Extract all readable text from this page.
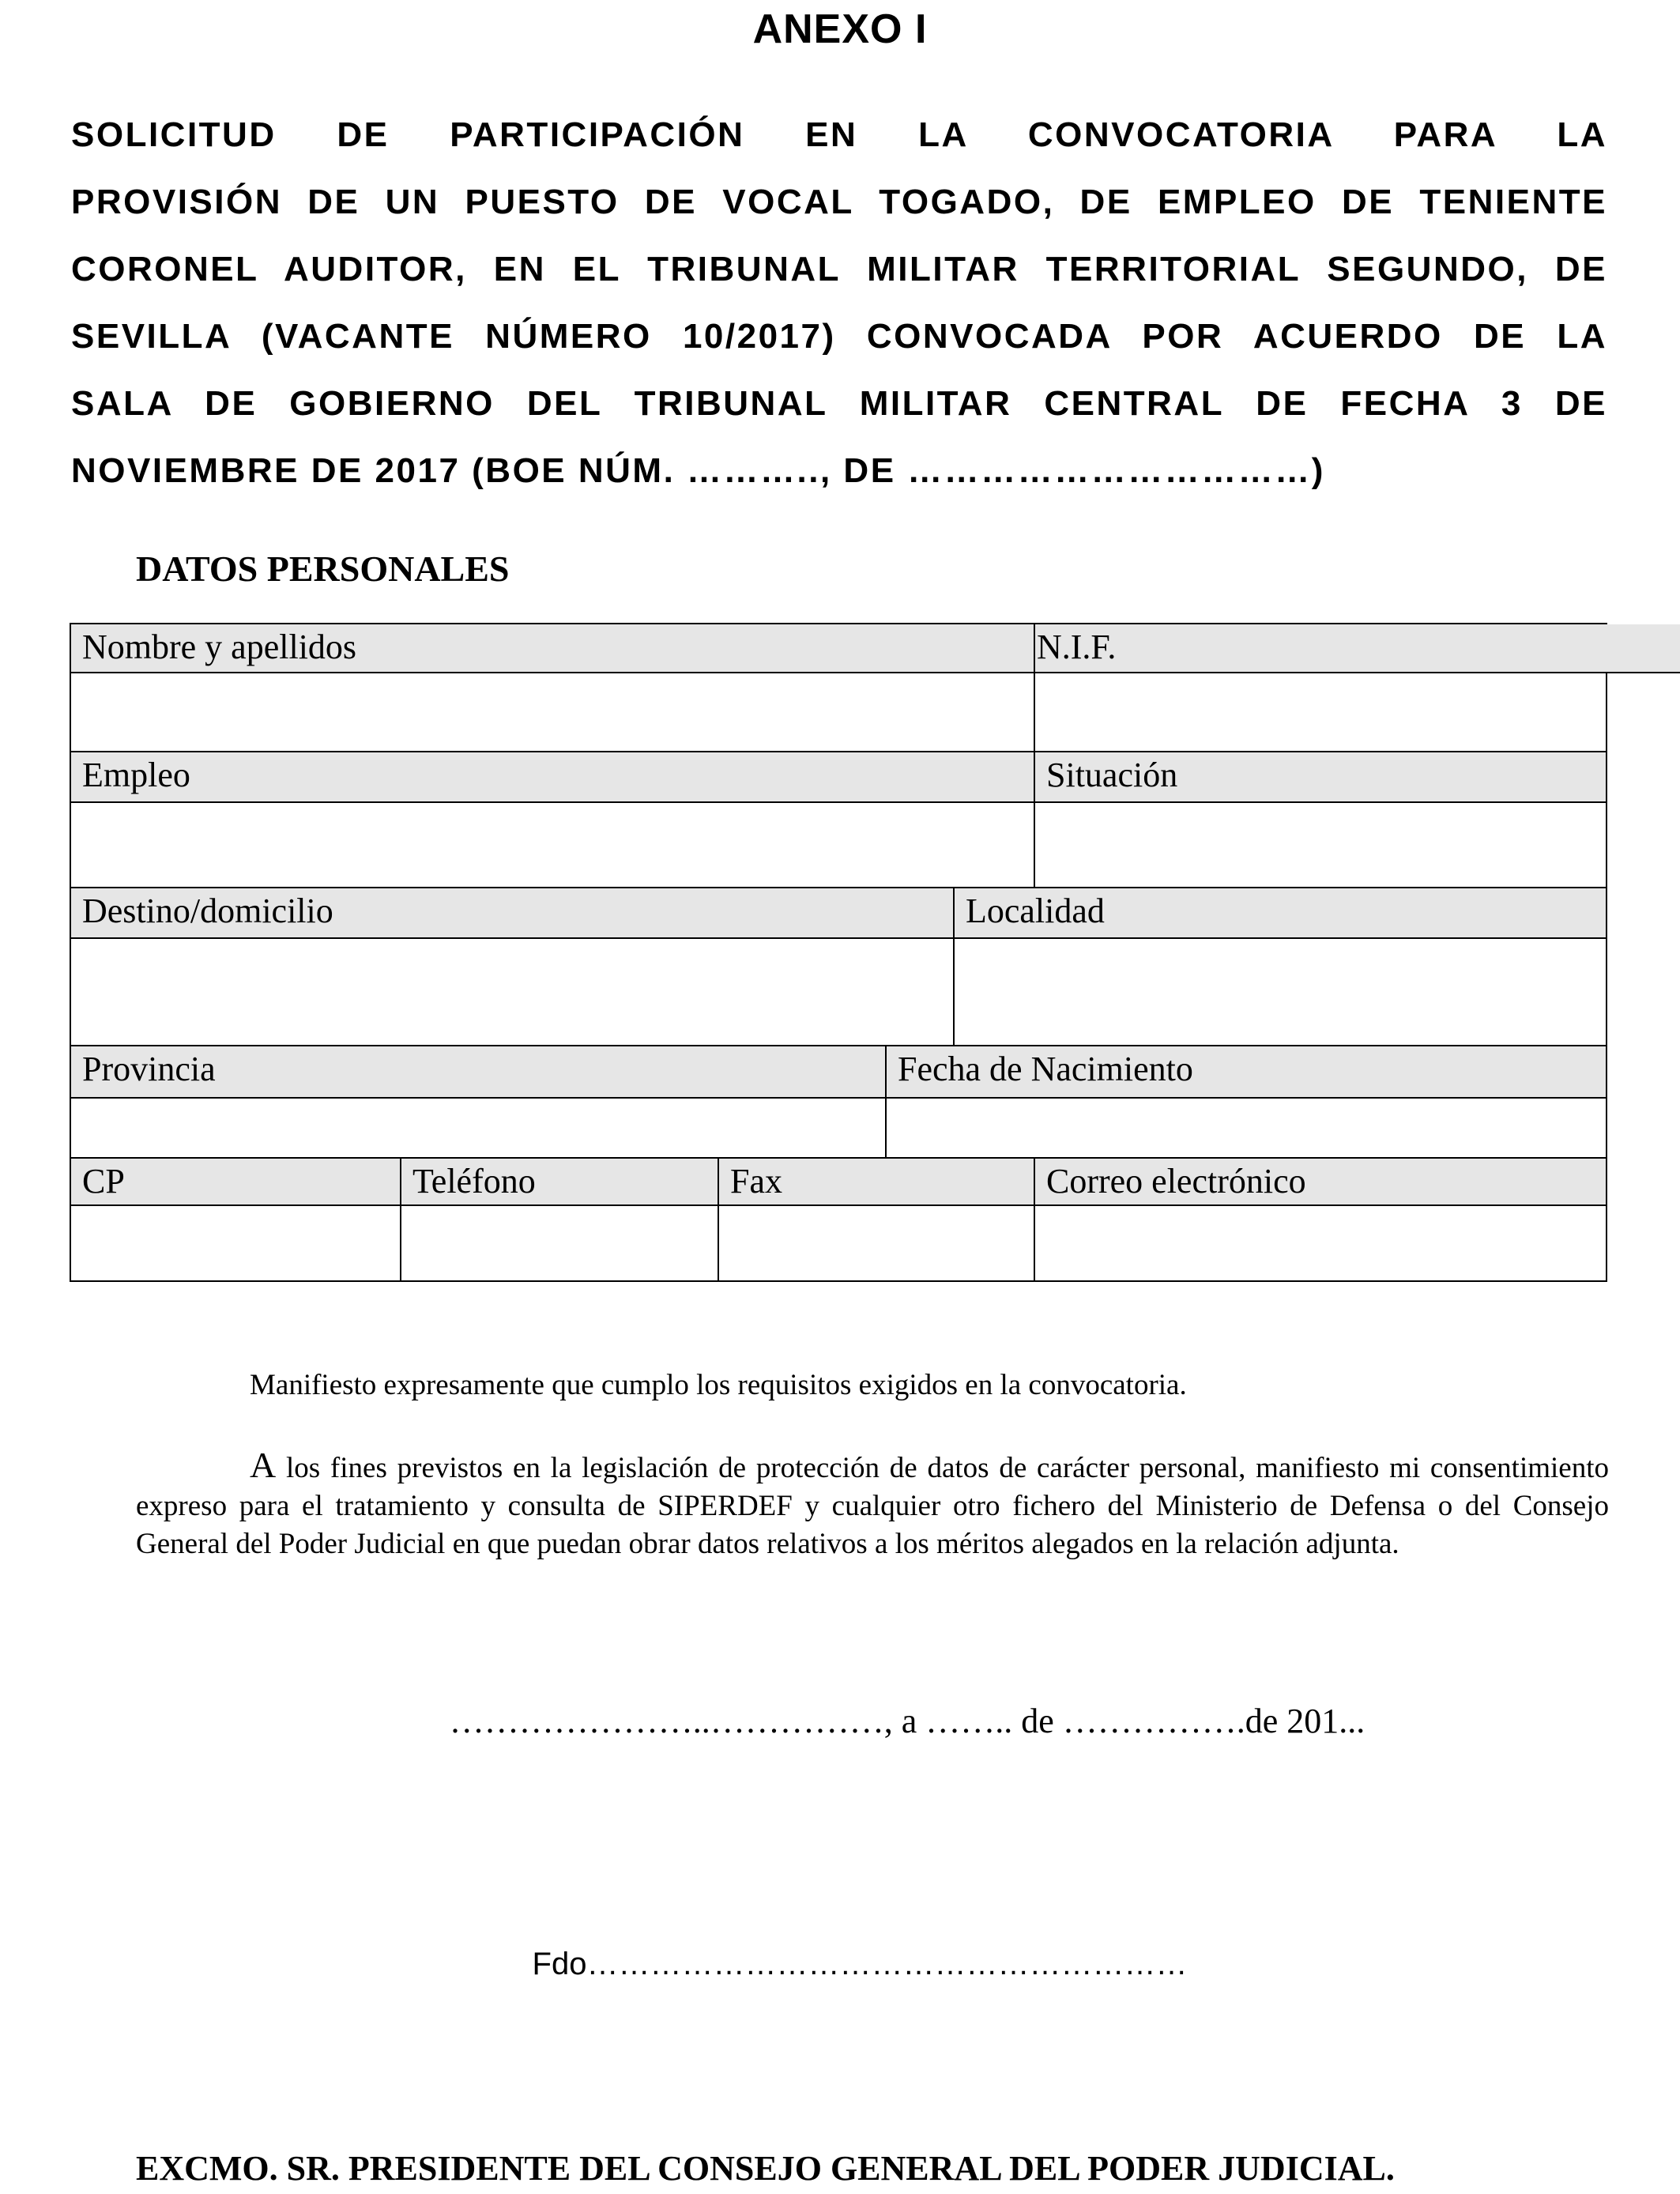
ANEXO I
SOLICITUD DE PARTICIPACIÓN EN LA CONVOCATORIA PARA LA
PROVISIÓN DE UN PUESTO DE VOCAL TOGADO, DE EMPLEO DE TENIENTE
CORONEL AUDITOR, EN EL TRIBUNAL MILITAR TERRITORIAL SEGUNDO, DE
SEVILLA (VACANTE NÚMERO 10/2017) CONVOCADA POR ACUERDO DE LA
SALA DE GOBIERNO DEL TRIBUNAL MILITAR CENTRAL DE FECHA 3 DE
NOVIEMBRE DE 2017 (BOE NÚM. ……….., DE ……………………………)
DATOS PERSONALES
Nombre y apellidos	N.I.F.
Empleo	Situación
Destino/domicilio	Localidad
Provincia	Fecha de Nacimiento
CP	Teléfono	Fax	Correo electrónico
Manifiesto expresamente que cumplo los requisitos exigidos en la convocatoria.
A los fines previstos en la legislación de protección de datos de carácter personal, manifiesto mi consentimiento expreso para el tratamiento y consulta de SIPERDEF y cualquier otro fichero del Ministerio de Defensa o del Consejo General del Poder Judicial en que puedan obrar datos relativos a los méritos alegados en la relación adjunta.
…………………..……………, a …….. de …………….de 201...
Fdo…………………………………………………
EXCMO. SR. PRESIDENTE DEL CONSEJO GENERAL DEL PODER JUDICIAL.
